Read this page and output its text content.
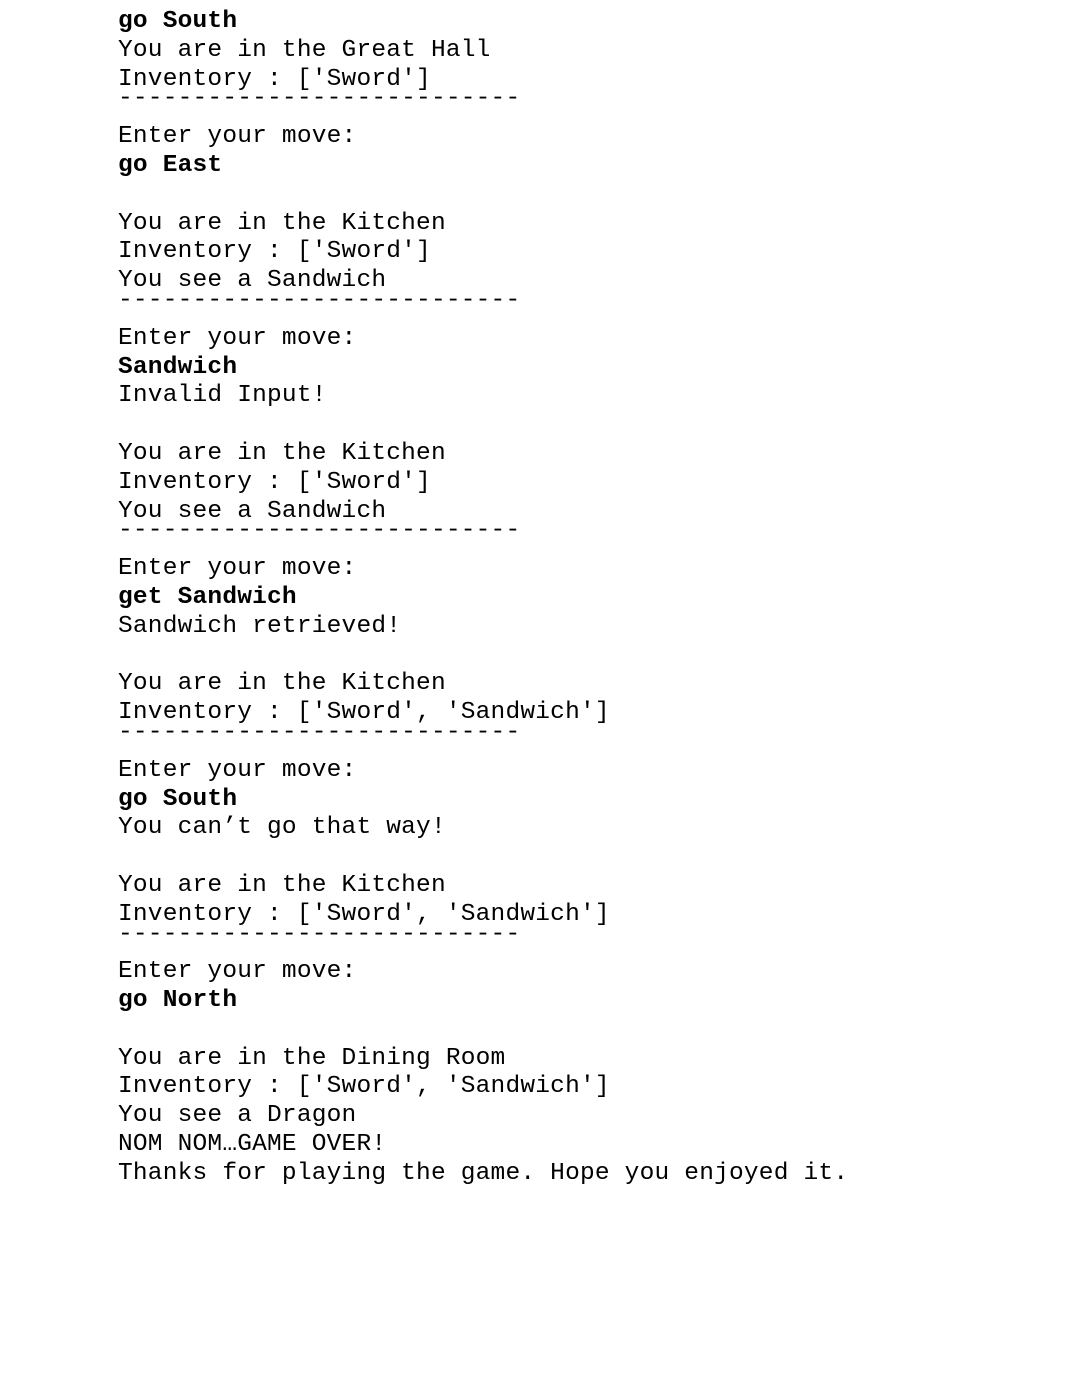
go South
You are in the Great Hall
Inventory : ['Sword']
---------------------------
Enter your move:
go East
You are in the Kitchen
Inventory : ['Sword']
You see a Sandwich
---------------------------
Enter your move:
Sandwich
Invalid Input!
You are in the Kitchen
Inventory : ['Sword']
You see a Sandwich
---------------------------
Enter your move:
get Sandwich
Sandwich retrieved!
You are in the Kitchen
Inventory : ['Sword', 'Sandwich']
---------------------------
Enter your move:
go South
You can’t go that way!
You are in the Kitchen
Inventory : ['Sword', 'Sandwich']
---------------------------
Enter your move:
go North
You are in the Dining Room
Inventory : ['Sword', 'Sandwich']
You see a Dragon
NOM NOM…GAME OVER!
Thanks for playing the game. Hope you enjoyed it.
